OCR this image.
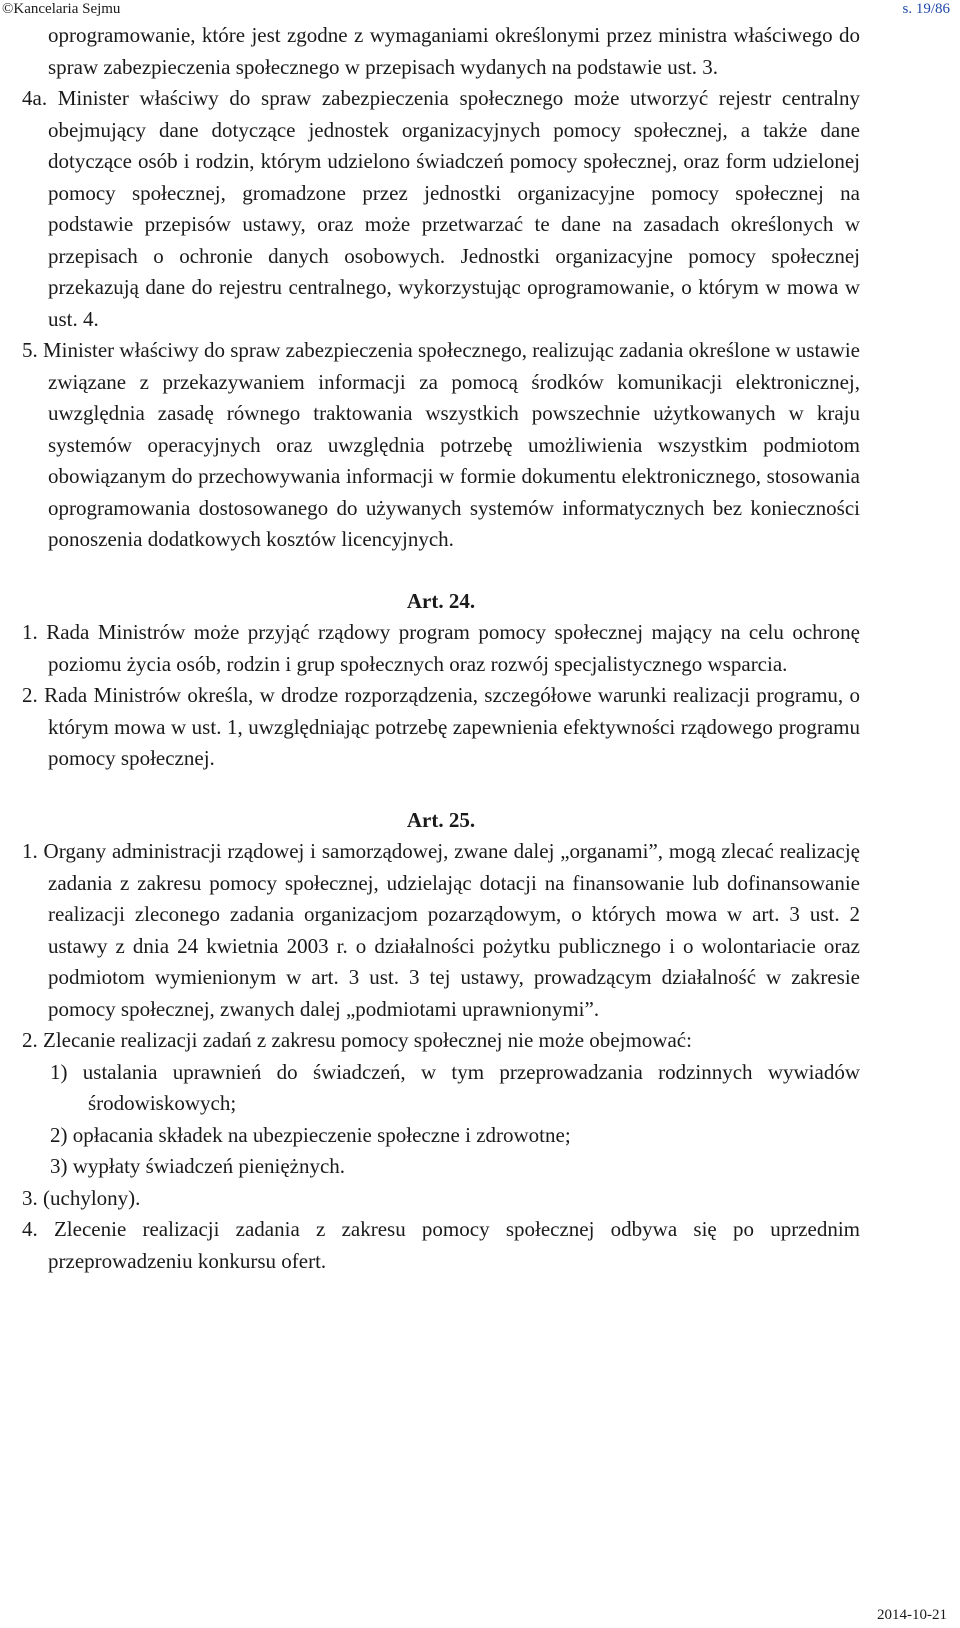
©Kancelaria Sejmu	s. 19/86

oprogramowanie, które jest zgodne z wymaganiami określonymi przez ministra właściwego do spraw zabezpieczenia społecznego w przepisach wydanych na podstawie ust. 3.

4a. Minister właściwy do spraw zabezpieczenia społecznego może utworzyć rejestr centralny obejmujący dane dotyczące jednostek organizacyjnych pomocy społecznej, a także dane dotyczące osób i rodzin, którym udzielono świadczeń pomocy społecznej, oraz form udzielonej pomocy społecznej, gromadzone przez jednostki organizacyjne pomocy społecznej na podstawie przepisów ustawy, oraz może przetwarzać te dane na zasadach określonych w przepisach o ochronie danych osobowych. Jednostki organizacyjne pomocy społecznej przekazują dane do rejestru centralnego, wykorzystując oprogramowanie, o którym w mowa w ust. 4.

5. Minister właściwy do spraw zabezpieczenia społecznego, realizując zadania określone w ustawie związane z przekazywaniem informacji za pomocą środków komunikacji elektronicznej, uwzględnia zasadę równego traktowania wszystkich powszechnie użytkowanych w kraju systemów operacyjnych oraz uwzględnia potrzebę umożliwienia wszystkim podmiotom obowiązanym do przechowywania informacji w formie dokumentu elektronicznego, stosowania oprogramowania dostosowanego do używanych systemów informatycznych bez konieczności ponoszenia dodatkowych kosztów licencyjnych.

Art. 24.

1. Rada Ministrów może przyjąć rządowy program pomocy społecznej mający na celu ochronę poziomu życia osób, rodzin i grup społecznych oraz rozwój specjalistycznego wsparcia.

2. Rada Ministrów określa, w drodze rozporządzenia, szczegółowe warunki realizacji programu, o którym mowa w ust. 1, uwzględniając potrzebę zapewnienia efektywności rządowego programu pomocy społecznej.

Art. 25.

1. Organy administracji rządowej i samorządowej, zwane dalej „organami”, mogą zlecać realizację zadania z zakresu pomocy społecznej, udzielając dotacji na finansowanie lub dofinansowanie realizacji zleconego zadania organizacjom pozarządowym, o których mowa w art. 3 ust. 2 ustawy z dnia 24 kwietnia 2003 r. o działalności pożytku publicznego i o wolontariacie oraz podmiotom wymienionym w art. 3 ust. 3 tej ustawy, prowadzącym działalność w zakresie pomocy społecznej, zwanych dalej „podmiotami uprawnionymi”.

2. Zlecanie realizacji zadań z zakresu pomocy społecznej nie może obejmować:

1) ustalania uprawnień do świadczeń, w tym przeprowadzania rodzinnych wywiadów środowiskowych;

2) opłacania składek na ubezpieczenie społeczne i zdrowotne;

3) wypłaty świadczeń pieniężnych.

3. (uchylony).

4. Zlecenie realizacji zadania z zakresu pomocy społecznej odbywa się po uprzednim przeprowadzeniu konkursu ofert.

2014-10-21
